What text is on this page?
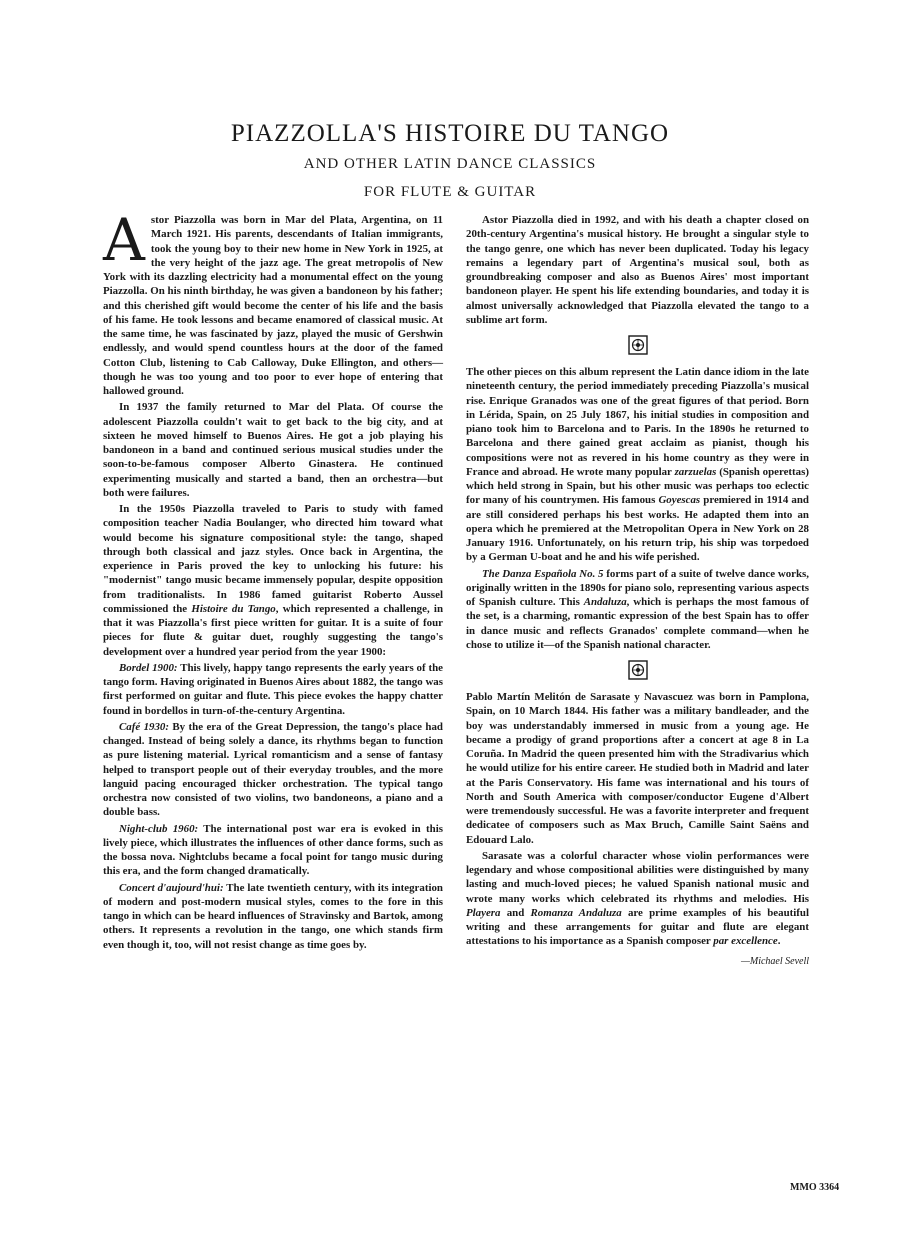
PIAZZOLLA'S HISTOIRE DU TANGO
AND OTHER LATIN DANCE CLASSICS
FOR FLUTE & GUITAR

Astor Piazzolla was born in Mar del Plata, Argentina, on 11 March 1921. His parents, descendants of Italian immigrants, took the young boy to their new home in New York in 1925, at the very height of the jazz age. The great metropolis of New York with its dazzling electricity had a monumental effect on the young Piazzolla. On his ninth birthday, he was given a bandoneon by his father; and this cherished gift would become the center of his life and the basis of his fame. He took lessons and became enamored of classical music. At the same time, he was fascinated by jazz, played the music of Gershwin endlessly, and would spend countless hours at the door of the famed Cotton Club, listening to Cab Calloway, Duke Ellington, and others—though he was too young and too poor to ever hope of entering that hallowed ground.

In 1937 the family returned to Mar del Plata. Of course the adolescent Piazzolla couldn't wait to get back to the big city, and at sixteen he moved himself to Buenos Aires. He got a job playing his bandoneon in a band and continued serious musical studies under the soon-to-be-famous composer Alberto Ginastera. He continued experimenting musically and started a band, then an orchestra—but both were failures.

In the 1950s Piazzolla traveled to Paris to study with famed composition teacher Nadia Boulanger, who directed him toward what would become his signature compositional style: the tango, shaped through both classical and jazz styles. Once back in Argentina, the experience in Paris proved the key to unlocking his future: his "modernist" tango music became immensely popular, despite opposition from traditionalists. In 1986 famed guitarist Roberto Aussel commissioned the Histoire du Tango, which represented a challenge, in that it was Piazzolla's first piece written for guitar. It is a suite of four pieces for flute & guitar duet, roughly suggesting the tango's development over a hundred year period from the year 1900:

Bordel 1900: This lively, happy tango represents the early years of the tango form. Having originated in Buenos Aires about 1882, the tango was first performed on guitar and flute. This piece evokes the happy chatter found in bordellos in turn-of-the-century Argentina.

Café 1930: By the era of the Great Depression, the tango's place had changed. Instead of being solely a dance, its rhythms began to function as pure listening material. Lyrical romanticism and a sense of fantasy helped to transport people out of their everyday troubles, and the more languid pacing encouraged thicker orchestration. The typical tango orchestra now consisted of two violins, two bandoneons, a piano and a double bass.

Night-club 1960: The international post war era is evoked in this lively piece, which illustrates the influences of other dance forms, such as the bossa nova. Nightclubs became a focal point for tango music during this era, and the form changed dramatically.

Concert d'aujourd'hui: The late twentieth century, with its integration of modern and post-modern musical styles, comes to the fore in this tango in which can be heard influences of Stravinsky and Bartok, among others. It represents a revolution in the tango, one which stands firm even though it, too, will not resist change as time goes by.

Astor Piazzolla died in 1992, and with his death a chapter closed on 20th-century Argentina's musical history. He brought a singular style to the tango genre, one which has never been duplicated. Today his legacy remains a legendary part of Argentina's musical soul, both as groundbreaking composer and also as Buenos Aires' most important bandoneon player. He spent his life extending boundaries, and today it is almost universally acknowledged that Piazzolla elevated the tango to a sublime art form.

The other pieces on this album represent the Latin dance idiom in the late nineteenth century, the period immediately preceding Piazzolla's musical rise. Enrique Granados was one of the great figures of that period. Born in Lérida, Spain, on 25 July 1867, his initial studies in composition and piano took him to Barcelona and to Paris. In the 1890s he returned to Barcelona and there gained great acclaim as pianist, though his compositions were not as revered in his home country as they were in France and abroad. He wrote many popular zarzuelas (Spanish operettas) which held strong in Spain, but his other music was perhaps too eclectic for many of his countrymen. His famous Goyescas premiered in 1914 and are still considered perhaps his best works. He adapted them into an opera which he premiered at the Metropolitan Opera in New York on 28 January 1916. Unfortunately, on his return trip, his ship was torpedoed by a German U-boat and he and his wife perished.

The Danza Española No. 5 forms part of a suite of twelve dance works, originally written in the 1890s for piano solo, representing various aspects of Spanish culture. This Andaluza, which is perhaps the most famous of the set, is a charming, romantic expression of the best Spain has to offer in dance music and reflects Granados' complete command—when he chose to utilize it—of the Spanish national character.

Pablo Martín Melitón de Sarasate y Navascuez was born in Pamplona, Spain, on 10 March 1844. His father was a military bandleader, and the boy was understandably immersed in music from a young age. He became a prodigy of grand proportions after a concert at age 8 in La Coruña. In Madrid the queen presented him with the Stradivarius which he would utilize for his entire career. He studied both in Madrid and later at the Paris Conservatory. His fame was international and his tours of North and South America with composer/conductor Eugene d'Albert were tremendously successful. He was a favorite interpreter and frequent dedicatee of composers such as Max Bruch, Camille Saint Saëns and Edouard Lalo.

Sarasate was a colorful character whose violin performances were legendary and whose compositional abilities were distinguished by many lasting and much-loved pieces; he valued Spanish national music and wrote many works which celebrated its rhythms and melodies. His Playera and Romanza Andaluza are prime examples of his beautiful writing and these arrangements for guitar and flute are elegant attestations to his importance as a Spanish composer par excellence.

—Michael Sevell
MMO 3364
